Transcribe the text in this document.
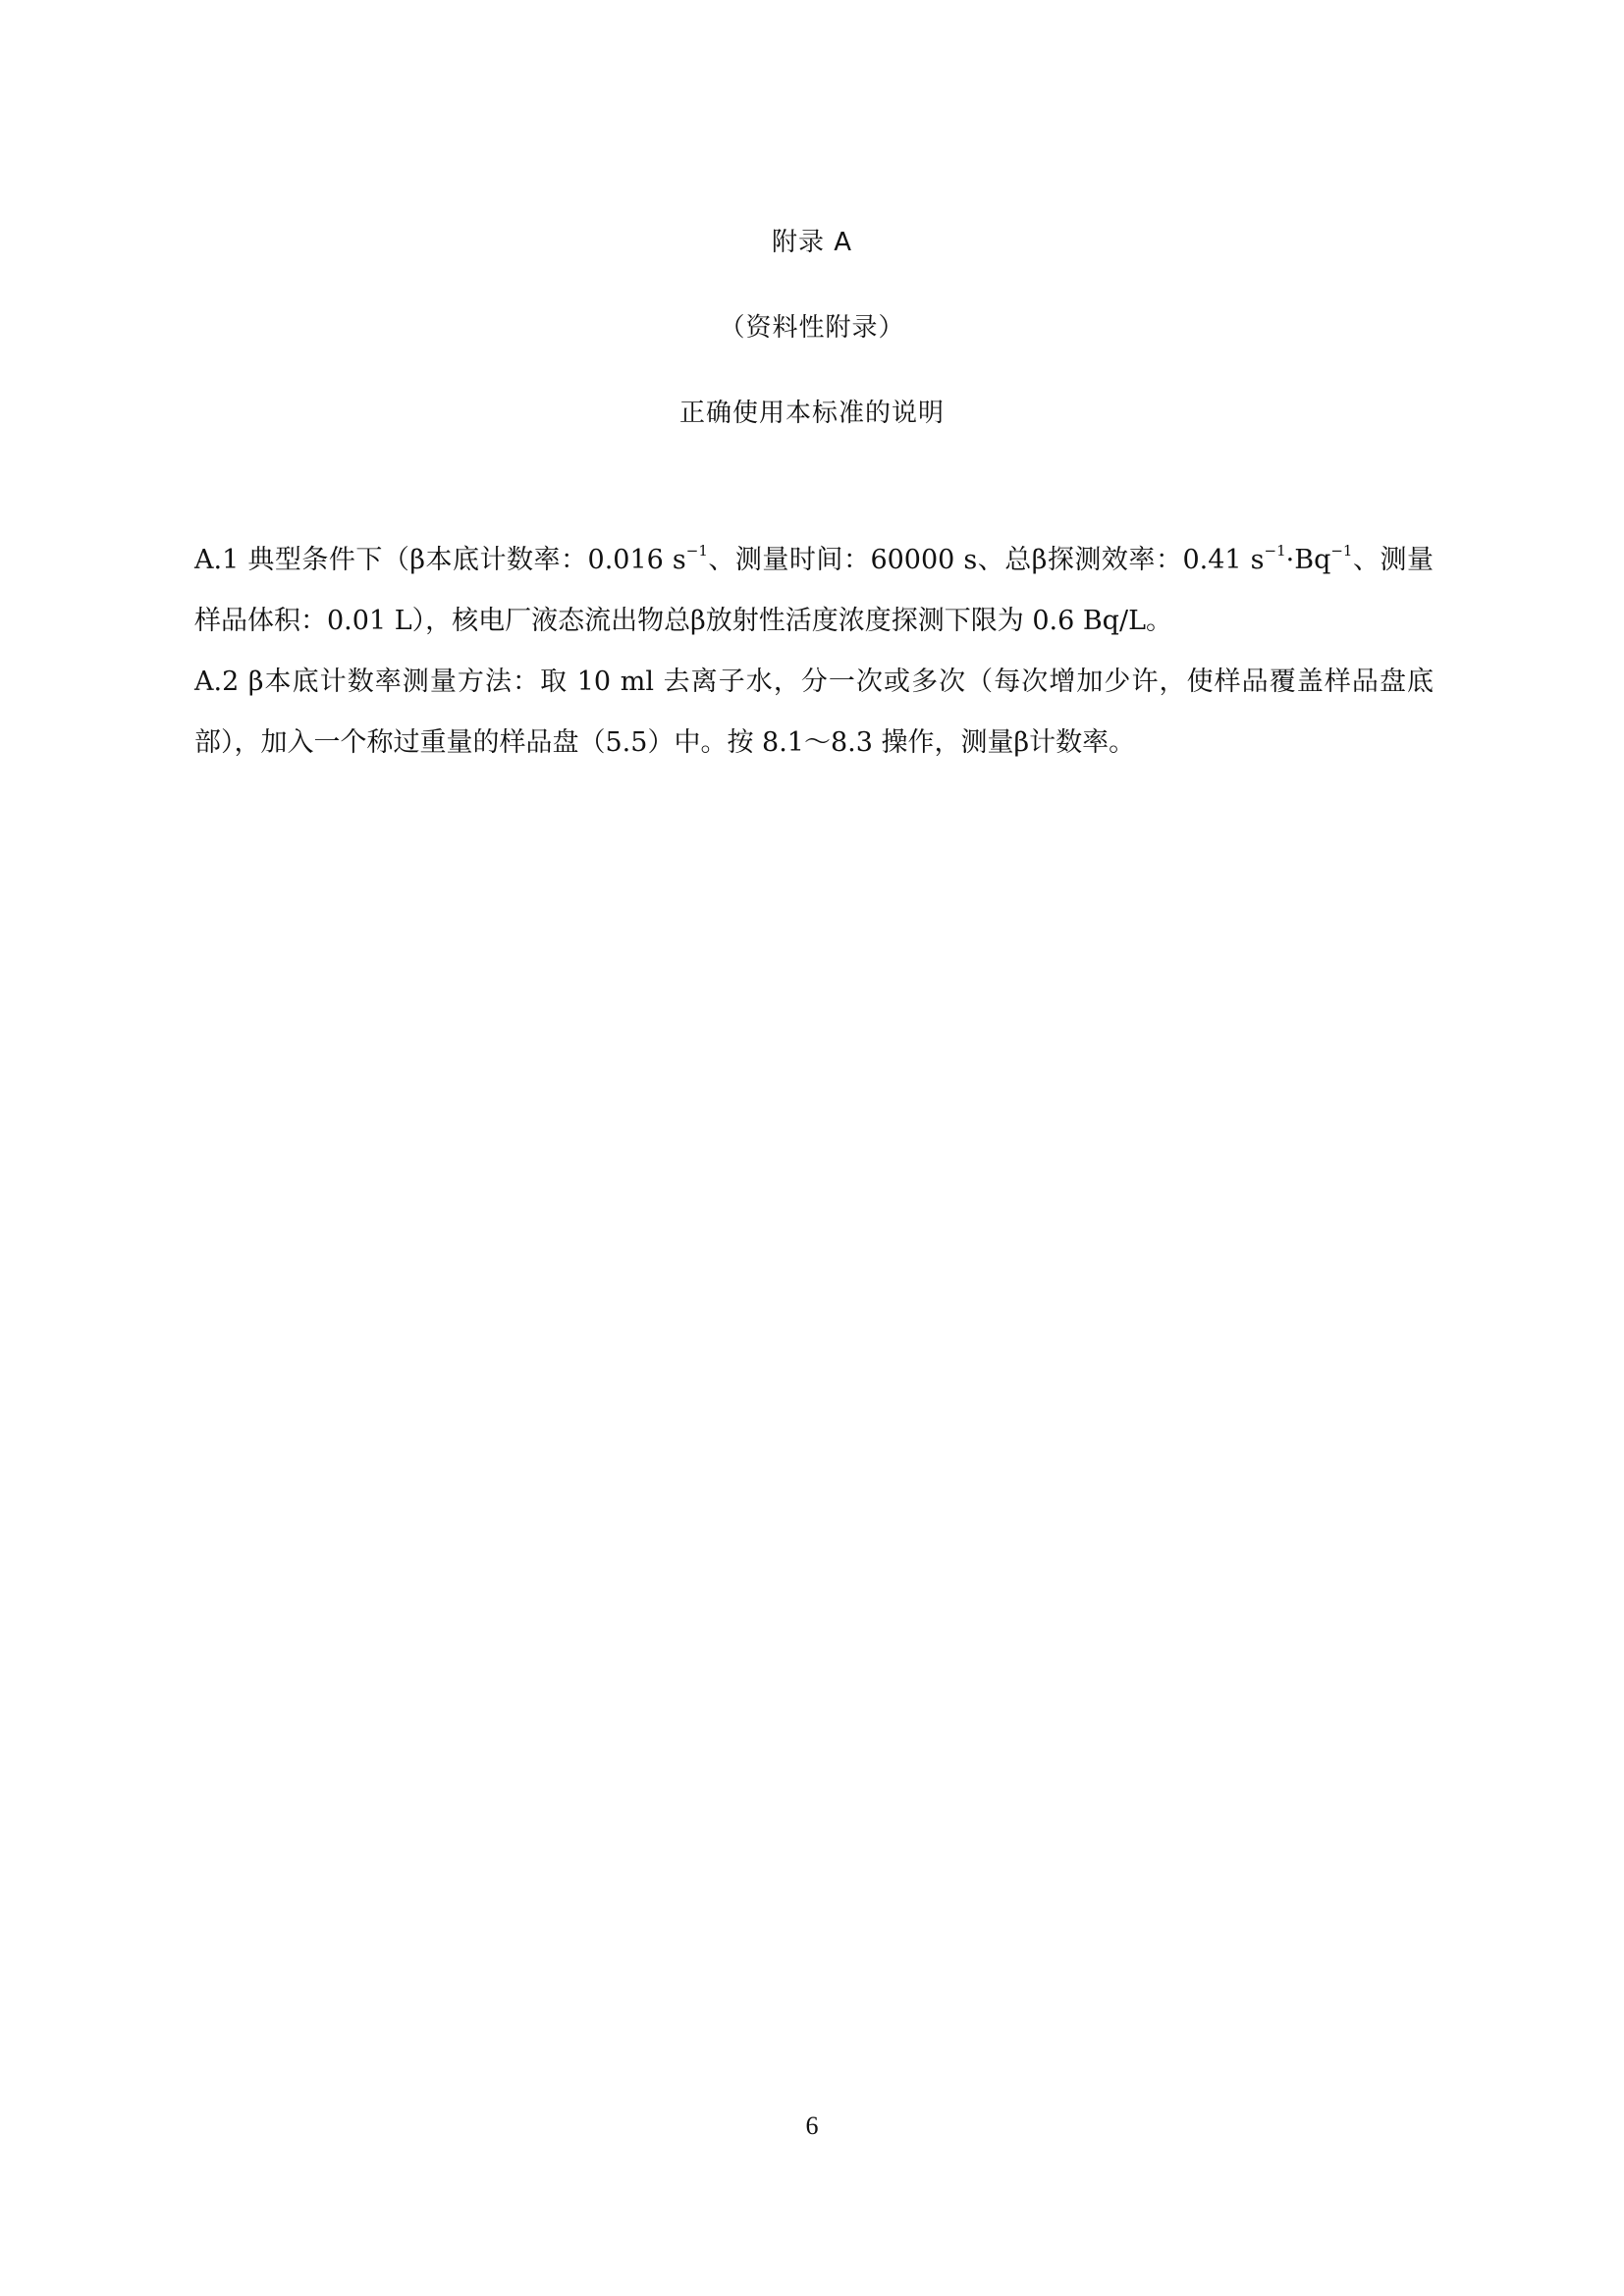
附录 A
（资料性附录）
正确使用本标准的说明

A.1 典型条件下（β本底计数率：0.016 $s^{-1}$、测量时间：60000 s、总β探测效率：0.41 $s^{-1}\cdot Bq^{-1}$、测量样品体积：0.01 L），核电厂液态流出物总β放射性活度浓度探测下限为 0.6 Bq/L。

A.2 β本底计数率测量方法：取 10 ml 去离子水，分一次或多次（每次增加少许，使样品覆盖样品盘底部），加入一个称过重量的样品盘（5.5）中。按 8.1～8.3 操作，测量β计数率。

6
